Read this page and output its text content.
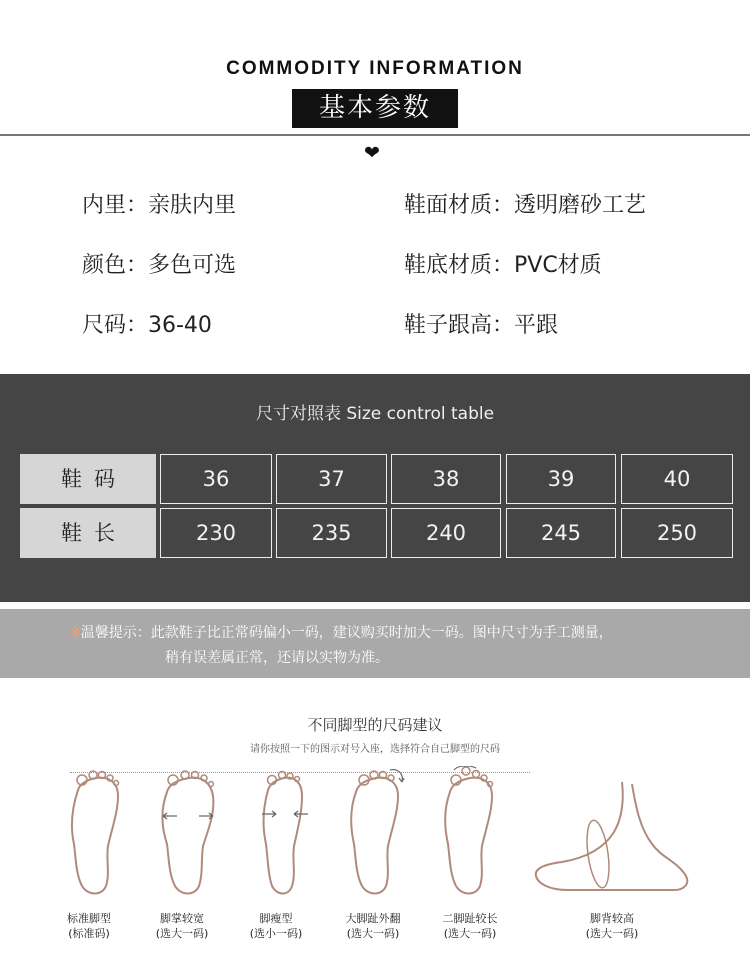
COMMODITY INFORMATION
基本参数
❤
内里：亲肤内里	鞋面材质：透明磨砂工艺
颜色：多色可选	鞋底材质：PVC材质
尺码：36-40	鞋子跟高：平跟
尺寸对照表 Size control table
鞋码	36	37	38	39	40
鞋长	230	235	240	245	250
※温馨提示：此款鞋子比正常码偏小一码，建议购买时加大一码。图中尺寸为手工测量，
稍有误差属正常，还请以实物为准。
不同脚型的尺码建议
请你按照一下的图示对号入座，选择符合自己脚型的尺码
标准脚型
(标准码)
脚掌较宽
(选大一码)
脚瘦型
(选小一码)
大脚趾外翻
(选大一码)
二脚趾较长
(选大一码)
脚背较高
(选大一码)
